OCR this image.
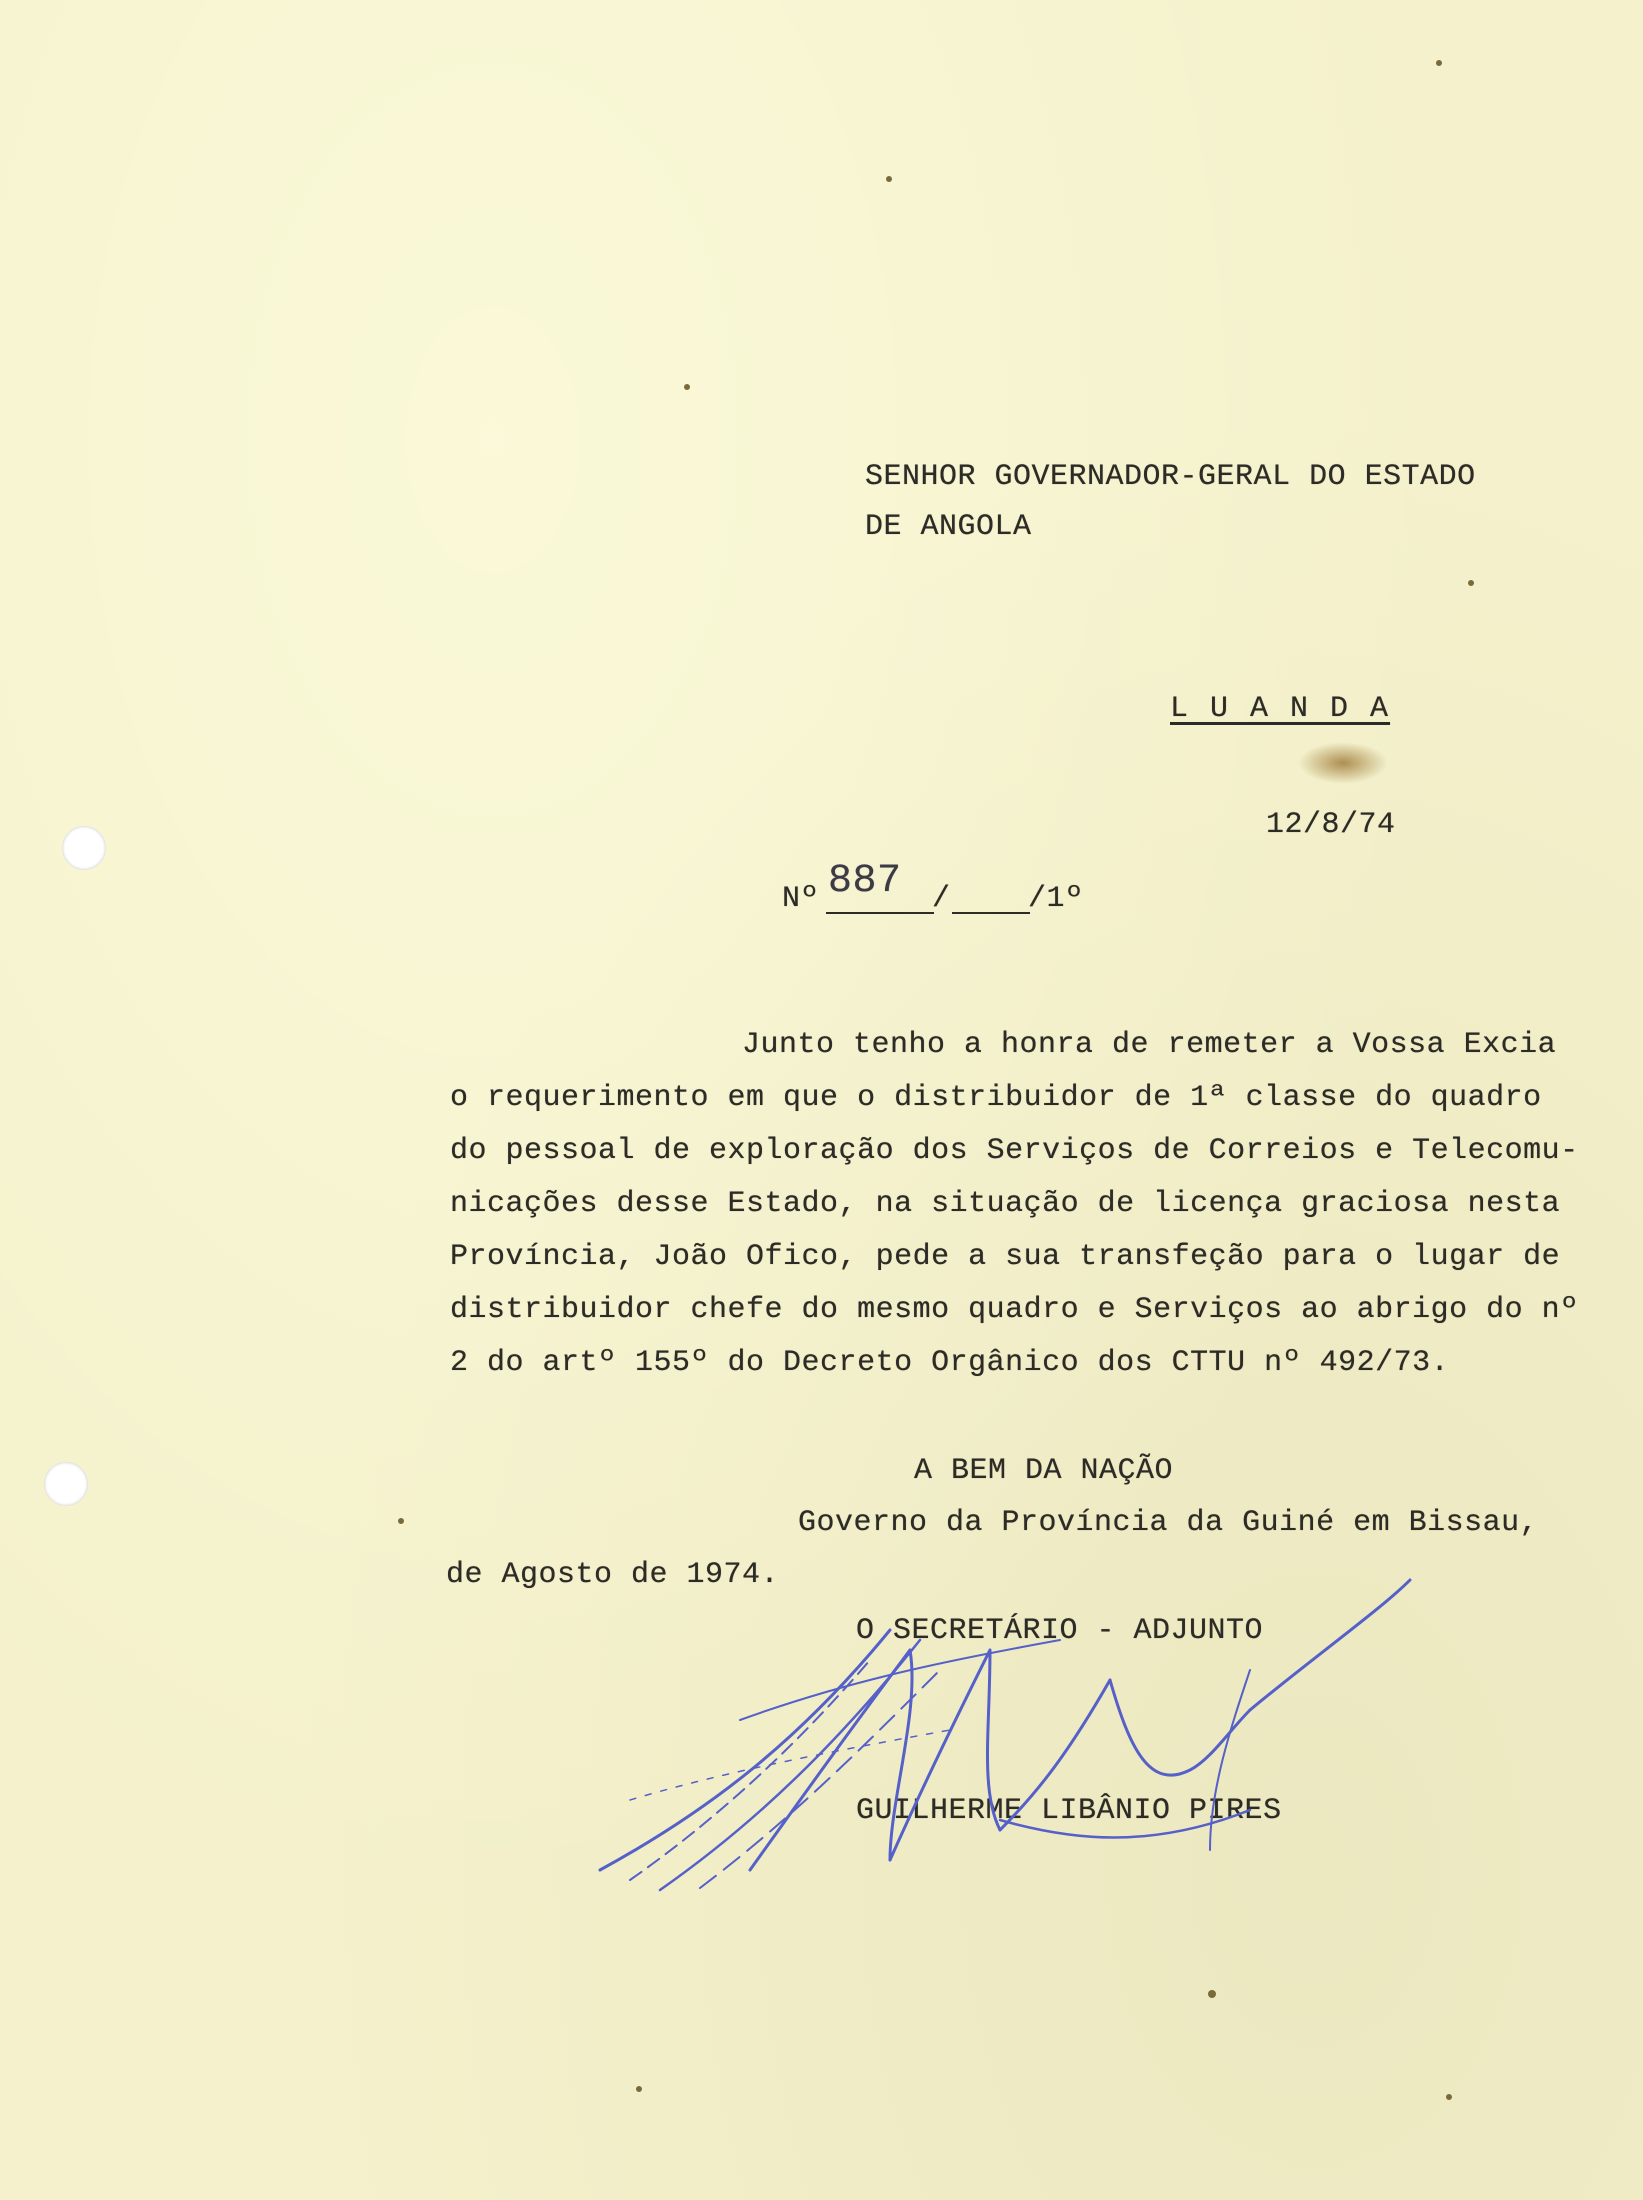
SENHOR GOVERNADOR-GERAL DO ESTADO
DE ANGOLA
L U A N D A
12/8/74
Nº 887 /	/1º
Junto tenho a honra de remeter a Vossa Excia
o requerimento em que o distribuidor de 1ª classe do quadro
do pessoal de exploração dos Serviços de Correios e Telecomu-
nicações desse Estado, na situação de licença graciosa nesta
Província, João Ofico, pede a sua transfeção para o lugar de
distribuidor chefe do mesmo quadro e Serviços ao abrigo do nº
2 do artº 155º do Decreto Orgânico dos CTTU nº 492/73.
A BEM DA NAÇÃO
Governo da Província da Guiné em Bissau,
de Agosto de 1974.
O SECRETÁRIO - ADJUNTO
GUILHERME LIBÂNIO PIRES
